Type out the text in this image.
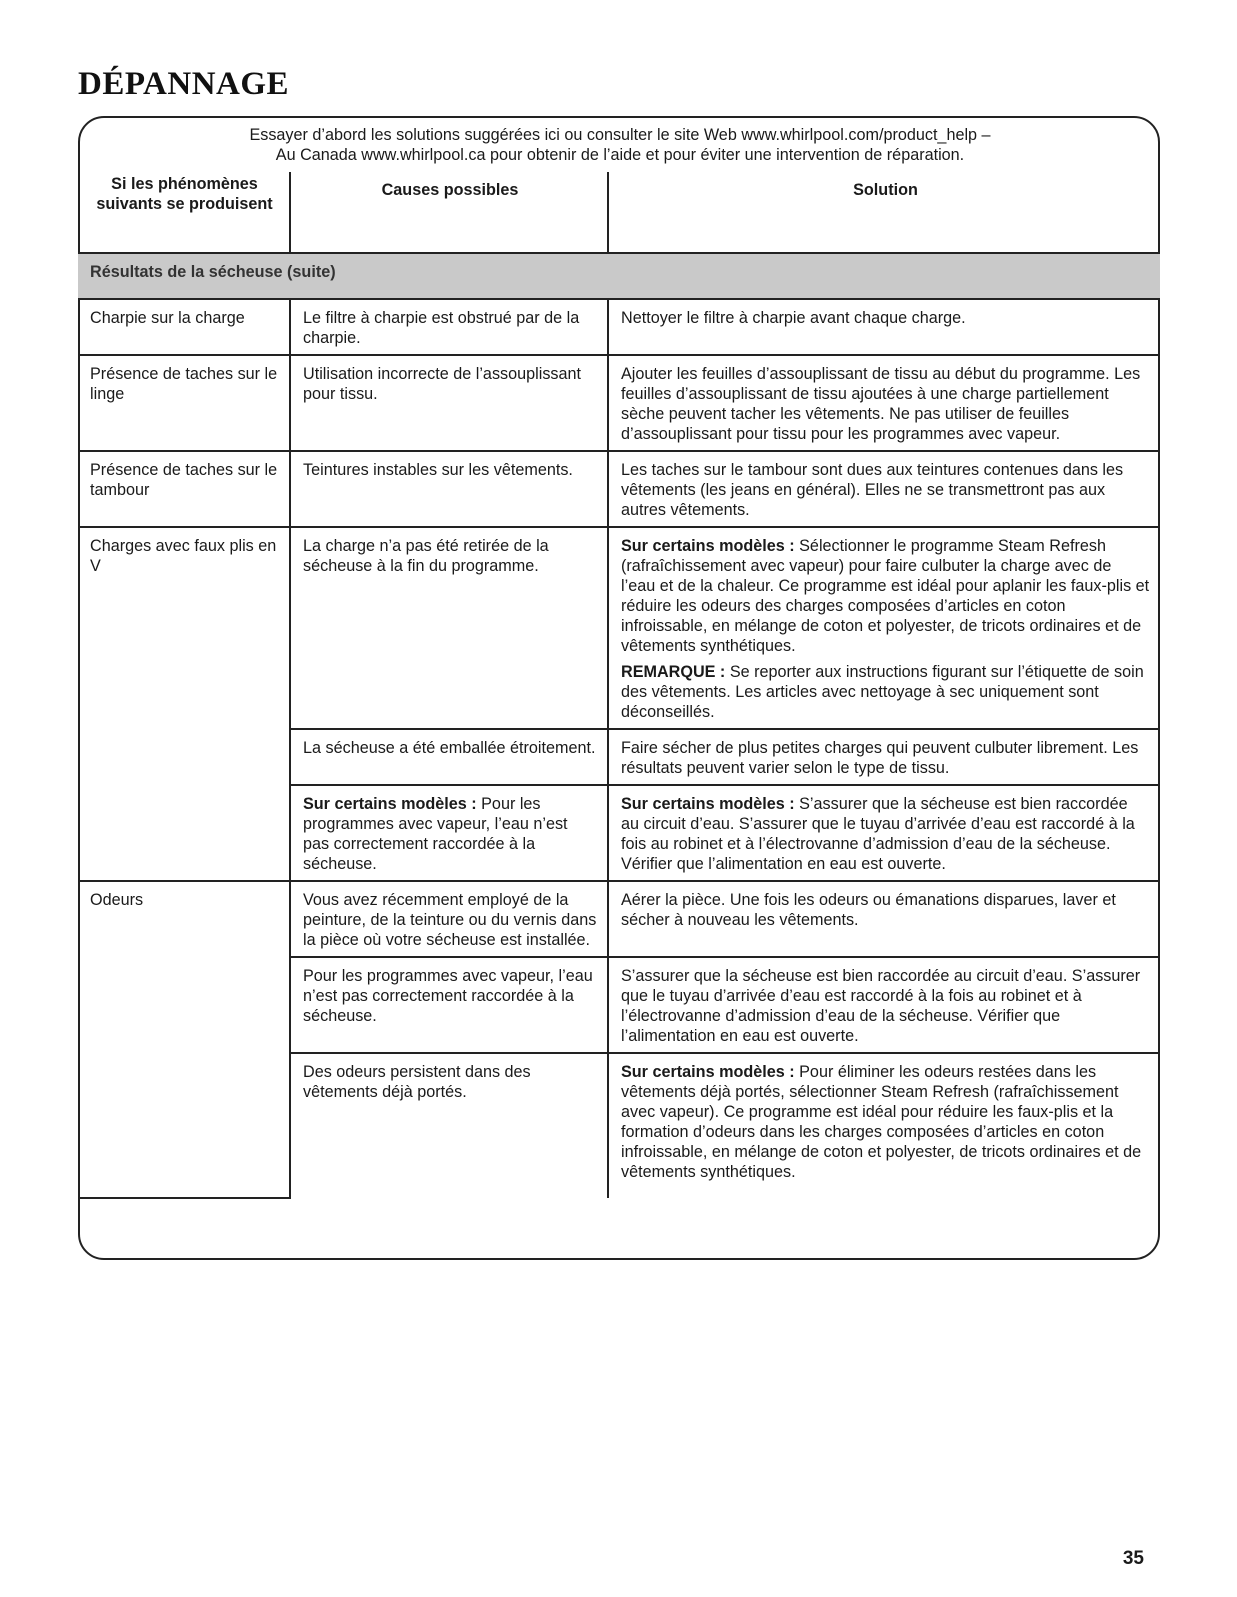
DÉPANNAGE
Essayer d’abord les solutions suggérées ici ou consulter le site Web www.whirlpool.com/product_help –
Au Canada www.whirlpool.ca pour obtenir de l’aide et pour éviter une intervention de réparation.
Si les phénomènes suivants se produisent	Causes possibles	Solution
Résultats de la sécheuse (suite)		
Charpie sur la charge	Le filtre à charpie est obstrué par de la charpie.	Nettoyer le filtre à charpie avant chaque charge.
Présence de taches sur le linge	Utilisation incorrecte de l’assouplissant pour tissu.	Ajouter les feuilles d’assouplissant de tissu au début du programme. Les feuilles d’assouplissant de tissu ajoutées à une charge partiellement sèche peuvent tacher les vêtements. Ne pas utiliser de feuilles d’assouplissant pour tissu pour les programmes avec vapeur.
Présence de taches sur le tambour	Teintures instables sur les vêtements.	Les taches sur le tambour sont dues aux teintures contenues dans les vêtements (les jeans en général). Elles ne se transmettront pas aux autres vêtements.
Charges avec faux plis en V	La charge n’a pas été retirée de la sécheuse à la fin du programme.	Sur certains modèles : Sélectionner le programme Steam Refresh (rafraîchissement avec vapeur) pour faire culbuter la charge avec de l’eau et de la chaleur. Ce programme est idéal pour aplanir les faux-plis et réduire les odeurs des charges composées d’articles en coton infroissable, en mélange de coton et polyester, de tricots ordinaires et de vêtements synthétiques.
REMARQUE : Se reporter aux instructions figurant sur l’étiquette de soin des vêtements. Les articles avec nettoyage à sec uniquement sont déconseillés.

	La sécheuse a été emballée étroitement.	Faire sécher de plus petites charges qui peuvent culbuter librement. Les résultats peuvent varier selon le type de tissu.
	Sur certains modèles : Pour les programmes avec vapeur, l’eau n’est pas correctement raccordée à la sécheuse.	Sur certains modèles : S’assurer que la sécheuse est bien raccordée au circuit d’eau. S’assurer que le tuyau d’arrivée d’eau est raccordé à la fois au robinet et à l’électrovanne d’admission d’eau de la sécheuse. Vérifier que l’alimentation en eau est ouverte.
Odeurs	Vous avez récemment employé de la peinture, de la teinture ou du vernis dans la pièce où votre sécheuse est installée.	Aérer la pièce. Une fois les odeurs ou émanations disparues, laver et sécher à nouveau les vêtements.
	Pour les programmes avec vapeur, l’eau n’est pas correctement raccordée à la sécheuse.	S’assurer que la sécheuse est bien raccordée au circuit d’eau. S’assurer que le tuyau d’arrivée d’eau est raccordé à la fois au robinet et à l’électrovanne d’admission d’eau de la sécheuse. Vérifier que l’alimentation en eau est ouverte.
	Des odeurs persistent dans des vêtements déjà portés.	Sur certains modèles : Pour éliminer les odeurs restées dans les vêtements déjà portés, sélectionner Steam Refresh (rafraîchissement avec vapeur). Ce programme est idéal pour réduire les faux-plis et la formation d’odeurs dans les charges composées d’articles en coton infroissable, en mélange de coton et polyester, de tricots ordinaires et de vêtements synthétiques.
35
